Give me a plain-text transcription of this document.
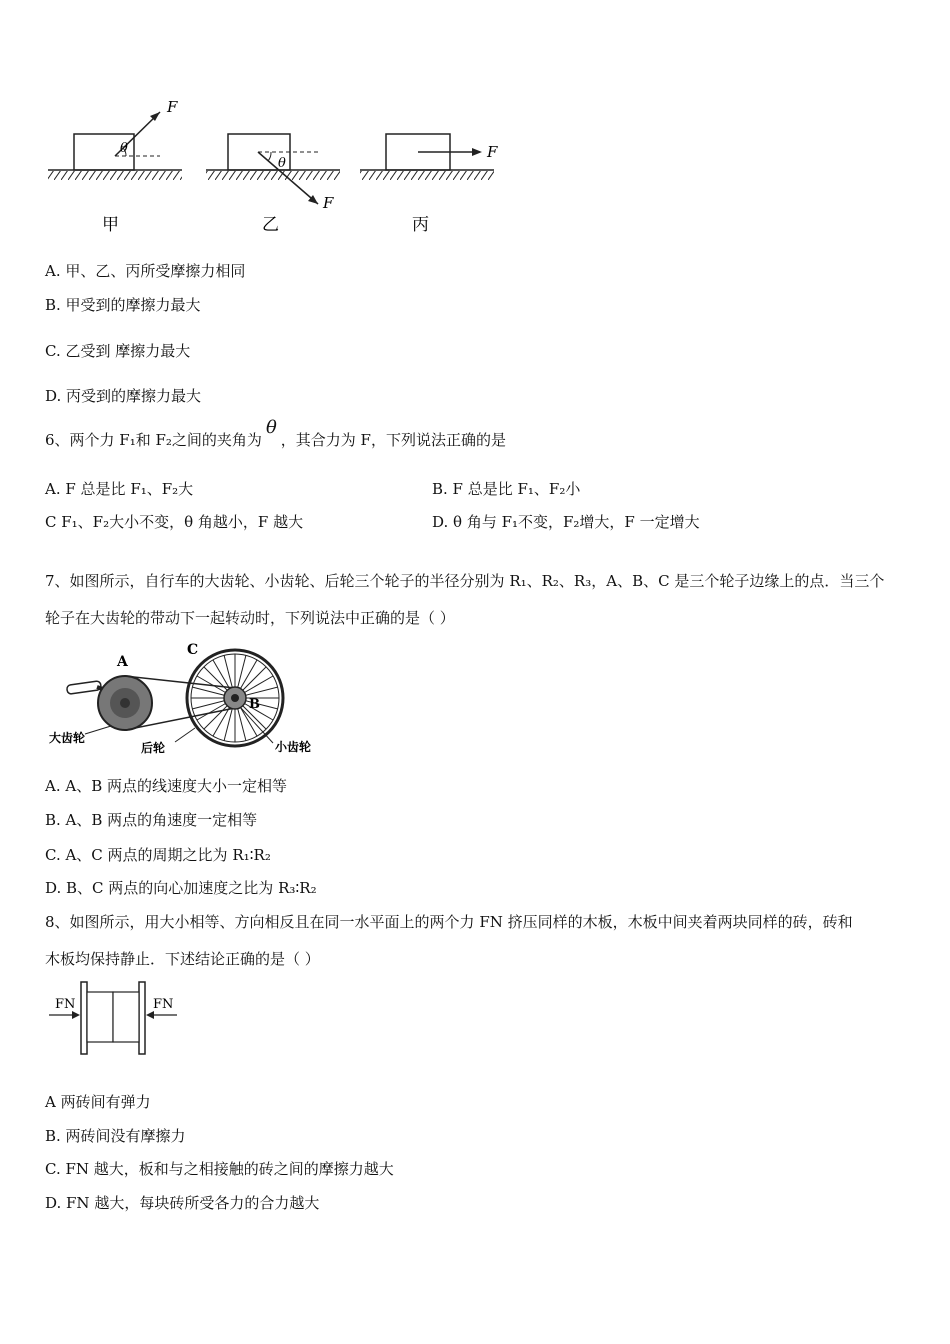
F
θ
F
θ
F
甲	乙	丙
A. 甲、乙、丙所受摩擦力相同
B. 甲受到的摩擦力最大
C. 乙受到 摩擦力最大
D. 丙受到的摩擦力最大
6、两个力 F₁和 F₂之间的夹角为θ，其合力为 F，下列说法正确的是
A. F 总是比 F₁、F₂大	B. F 总是比 F₁、F₂小
C F₁、F₂大小不变，θ 角越小，F 越大	D. θ 角与 F₁不变，F₂增大，F 一定增大
7、如图所示，自行车的大齿轮、小齿轮、后轮三个轮子的半径分别为 R₁、R₂、R₃，A、B、C 是三个轮子边缘上的点．当三个
轮子在大齿轮的带动下一起转动时，下列说法中正确的是（ ）
A
C
B
大齿轮
后轮	小齿轮
A. A、B 两点的线速度大小一定相等
B. A、B 两点的角速度一定相等
C. A、C 两点的周期之比为 R₁∶R₂
D. B、C 两点的向心加速度之比为 R₃∶R₂
8、如图所示，用大小相等、方向相反且在同一水平面上的两个力 FN 挤压同样的木板，木板中间夹着两块同样的砖，砖和
木板均保持静止．下述结论正确的是（ ）
FN	FN
A 两砖间有弹力
B. 两砖间没有摩擦力
C. FN 越大，板和与之相接触的砖之间的摩擦力越大
D. FN 越大，每块砖所受各力的合力越大
